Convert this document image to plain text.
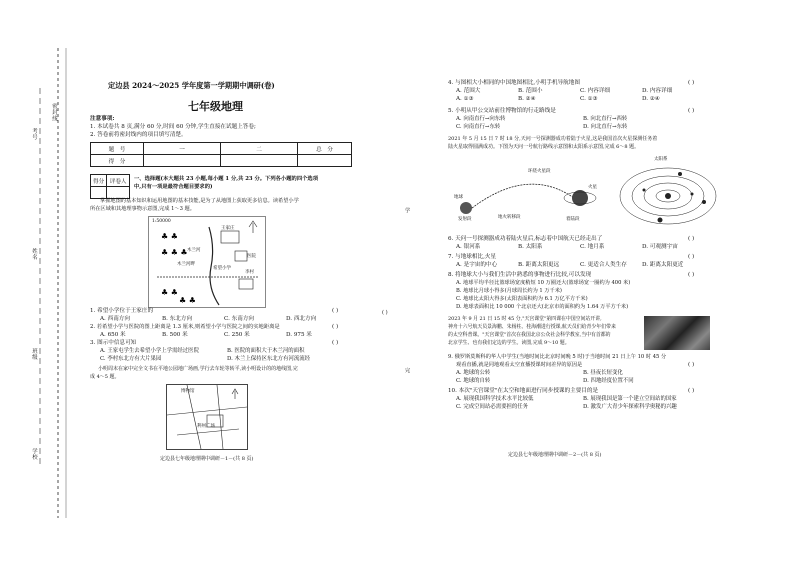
密封线
考号
姓名
班级
学校
定边县 2024～2025 学年度第一学期期中调研(卷)
七年级地理
注意事项:
1. 本试卷共 8 页,满分 60 分,时间 60 分钟,学生直接在试题上答卷;
2. 答卷前将密封线内的项目填写清楚。
题　号	一	二	总　分
得　分			
得分	评卷人
	一、选择题(本大题共 23 小题,每小题 1 分,共 23 分。下列各小题的四个选项
中,只有一项是最符合题目要求的)
掌握地图的基本知识和运用地图的基本技能,是为了从地图上获取更多信息。读希望小学
所在区域和其地理事物示意图,完成 1～3 题。
♣ ♣
♣ ♣ ♣
♣ ♣
♣ ♣
1:50000
王家庄
木兰河
希望小学
医院
李村
木兰河畔
1. 希望小学位于王家庄的	( )
A. 西南方向	B. 东北方向	C. 东南方向	D. 西北方向
2. 若希望小学与医院的图上距离是 1.3 厘米,则希望小学与医院之间的实地距离是	( )
A. 650 米	B. 500 米	C. 250 米	D. 975 米
3. 图示中信息可知	( )
A. 王家屯学生去希望小学上学需经过医院	B. 医院的面积大于木兰河的面积
C. 李村东北方有大片果园	D. 木兰上保持区东北方有河流流经
小明周末在家中完全文书在平地公园地广场画,学行去车轮等转平,读小明设计的的地线图,完
成 4～5 题。
博物馆
利州广场
定边县七年级地理期中调研－1－(共 8 页)
4. 与图相大小相同的中国地图相比,小明手机导航地图	( )
A. 范围大	B. 范围小	C. 内容详细	D. 内容详细
A. ①③	B. ②④	C. ①③	D. ②④
5. 小明从甲公交站前往博物馆的行走路线是	( )
A. 向南直行→向东转	B. 向北直行→西转
C. 向南直行→东转	D. 向北直行→东转
2021 年 5 月 15 日 7 时 18 分,天问一号探测器成功着陆于火星,这是我国首次火星探测任务着
陆火星取得圆满成功。下图为天问一号航行路线示意图和太阳系示意图,完成 6～8 题。
太阳系
地球
火星
发射段	地火转移段
环绕火星段
着陆段
6. 天问一号探测器成功着陆火星后,标志着中国航天已经走出了	( )
A. 银河系	B. 太阳系	C. 地月系	D. 可观测宇宙
7. 与地球相比,火星	( )
A. 是宇宙的中心	B. 距离太阳更远	C. 更适合人类生存	D. 距离太阳更近
8. 将地球大小与我们生活中熟悉的事物进行比较,可以发现	( )
A. 地球平均半径比篮球场宽度稍短 10 万圈还大(篮球场宽一圈约为 400 米)
B. 地球比月球小得多(月球周长约为 1 万千米)
C. 地球比太阳大得多(太阳表面积约为 6.1 万亿平方千米)
D. 地球表面积比 10 000 个北京还大(北京市的面积约为 1.64 万平方千米)
2023 年 9 月 21 日 15 时 45 分,"天宫课堂"第四课在中国空间站开讲,
神舟十六号航天员景海鹏、朱杨柱、桂海潮进行授课,航天员们给青少年们带来
的太空科普课。"天宫课堂"首次在我国北京公众社会科学教室,当中有首都的
北京学生、也有我们定边的学生。读图,完成 9～10 题。
9. 俄罗斯莫斯科的华人中学生(当地时间比北京时间晚 5 时)于当地时间 21 日上午 10 时 45 分
观看直播,就是同地观看太空直播授课时间差异的原因是	( )
A. 地球的公转	B. 昼夜长短变化
C. 地球的自转	D. 四地经度位置不同
10. 本次"天宫课堂"在太空和地面进行同步授课的主要目的是	( )
A. 展现我国科学技术水平比较低	B. 展现我国是第一个建立空间站的国家
C. 完成空间站必需要担的任务	D. 激发广大青少年探索科学奥秘的兴趣
定边县七年级地理期中调研－2－(共 8 页)
学
完
( )
